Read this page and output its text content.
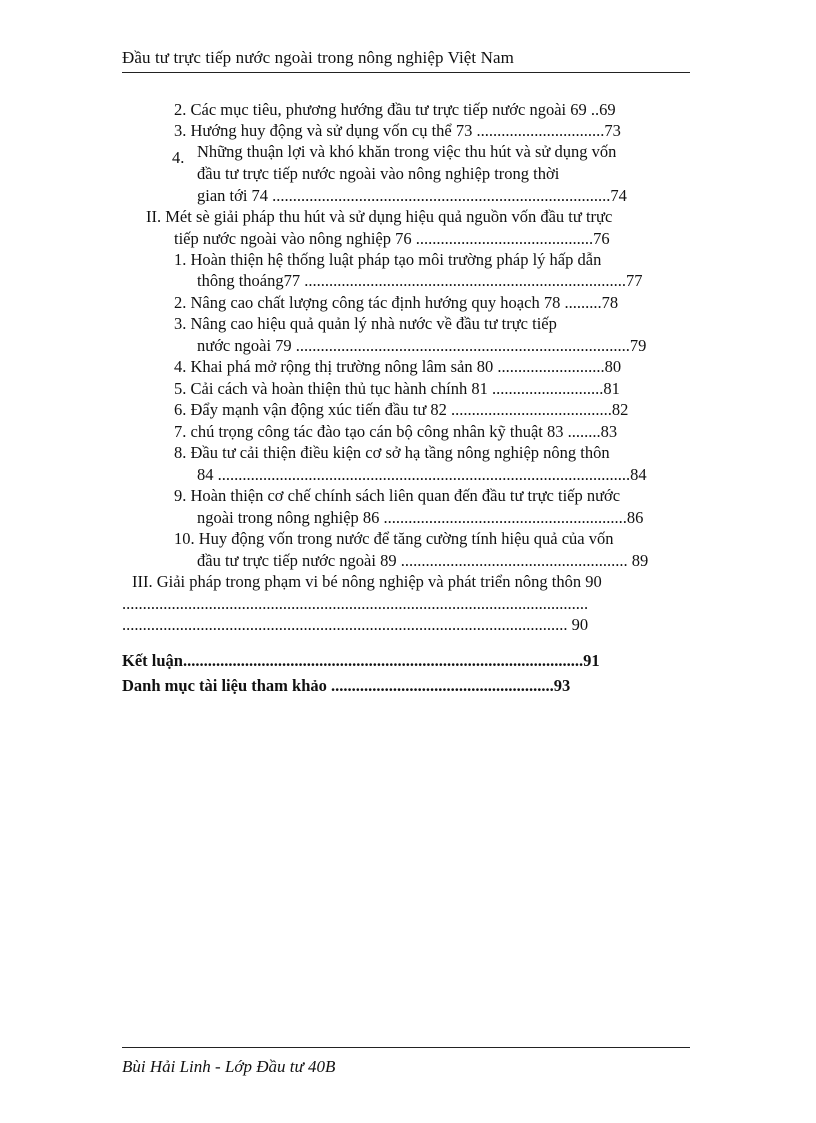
Đầu tư trực tiếp nước ngoài trong nông nghiệp Việt Nam
2. Các mục tiêu, phương hướng đầu tư trực tiếp nước ngoài 69 ..69
3. Hướng huy động và sử dụng vốn cụ thể 73 ...............................73
4. Những thuận lợi và khó khăn trong việc thu hút và sử dụng vốn
đầu tư trực tiếp nước ngoài vào nông nghiệp trong thời
gian tới 74 ..................................................................................74
II. Mét sè giải pháp thu hút và sử dụng hiệu quả nguồn vốn đầu tư trực
tiếp nước ngoài vào nông nghiệp 76 ...........................................76
1. Hoàn thiện hệ thống luật pháp tạo môi trường pháp lý hấp dẫn
thông thoáng77 ..............................................................................77
2. Nâng cao chất lượng công tác định hướng quy hoạch 78 .........78
3. Nâng cao hiệu quả quản lý nhà nước về đầu tư trực tiếp
nước ngoài 79 .................................................................................79
4. Khai phá mở rộng thị trường nông lâm sản 80 ..........................80
5. Cải cách và hoàn thiện thủ tục hành chính 81 ...........................81
6. Đẩy mạnh vận động xúc tiến đầu tư 82 .......................................82
7. chú trọng công tác đào tạo cán bộ công nhân kỹ thuật 83 ........83
8. Đầu tư cải thiện điều kiện cơ sở hạ tầng nông nghiệp nông thôn
84 ....................................................................................................84
9. Hoàn thiện cơ chế chính sách liên quan đến đầu tư trực tiếp nước
ngoài trong nông nghiệp 86 ...........................................................86
10. Huy động vốn trong nước để tăng cường tính hiệu quả của vốn
đầu tư trực tiếp nước ngoài 89 ....................................................... 89
III. Giải pháp trong phạm vi bé nông nghiệp và phát triển nông thôn 90
.................................................................................................................
............................................................................................................ 90
Kết luận.................................................................................................91
Danh mục tài liệu tham khảo ......................................................93
Bùi Hải Linh - Lớp Đầu tư 40B
